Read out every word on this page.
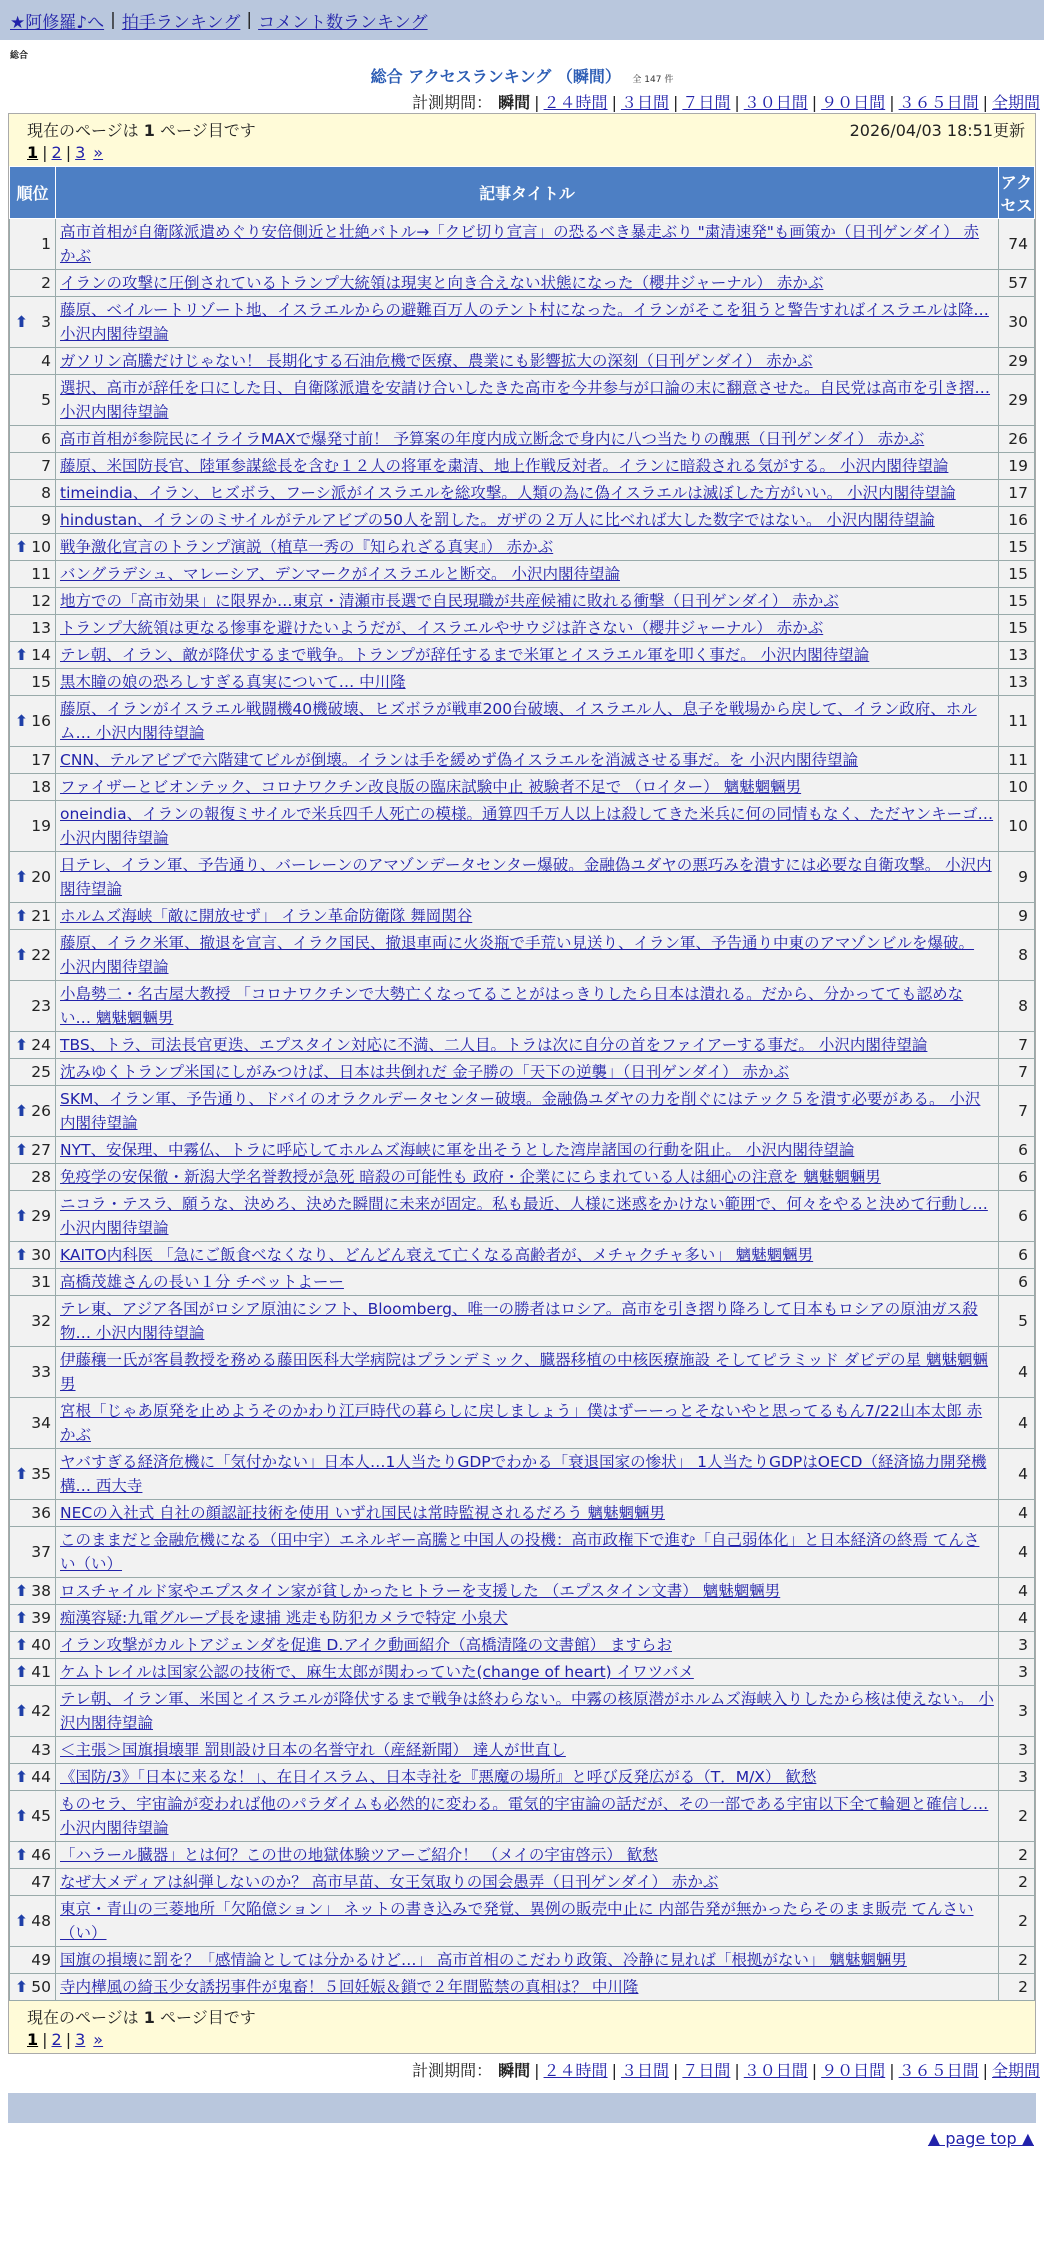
★阿修羅♪へ | 拍手ランキング | コメント数ランキング
総合
総合 アクセスランキング （瞬間） 全 147 件
計測期間： 瞬間 | ２４時間 | ３日間 | ７日間 | ３０日間 | ９０日間 | ３６５日間 | 全期間
現在のページは 1 ページ目です	2026/04/03 18:51更新
1 | 2 | 3 »
順位	記事タイトル	アクセス
1	高市首相が自衛隊派遣めぐり安倍側近と壮絶バトル→「クビ切り宣言」の恐るべき暴走ぶり "粛清速発"も画策か（日刊ゲンダイ） 赤かぶ	74
2	イランの攻撃に圧倒されているトランプ大統領は現実と向き合えない状態になった（櫻井ジャーナル） 赤かぶ	57

⬆ 3	藤原、ベイルートリゾート地、イスラエルからの避難百万人のテント村になった。イランがそこを狙うと警告すればイスラエルは降… 小沢内閣待望論	30
4	ガソリン高騰だけじゃない！ 長期化する石油危機で医療、農業にも影響拡大の深刻（日刊ゲンダイ） 赤かぶ	29
5	選択、高市が辞任を口にした日、自衛隊派遣を安請け合いしたきた高市を今井参与が口論の末に翻意させた。自民党は高市を引き摺… 小沢内閣待望論	29
6	高市首相が参院民にイライラMAXで爆発寸前！ 予算案の年度内成立断念で身内に八つ当たりの醜悪（日刊ゲンダイ） 赤かぶ	26
7	藤原、米国防長官、陸軍参謀総長を含む１２人の将軍を粛清、地上作戦反対者。イランに暗殺される気がする。 小沢内閣待望論	19
8	timeindia、イラン、ヒズボラ、フーシ派がイスラエルを総攻撃。人類の為に偽イスラエルは滅ぼした方がいい。 小沢内閣待望論	17
9	hindustan、イランのミサイルがテルアビブの50人を罰した。ガザの２万人に比べれば大した数字ではない。 小沢内閣待望論	16

⬆ 10	戦争激化宣言のトランプ演説（植草一秀の『知られざる真実』） 赤かぶ	15
11	バングラデシュ、マレーシア、デンマークがイスラエルと断交。 小沢内閣待望論	15
12	地方での「高市効果」に限界か…東京・清瀬市長選で自民現職が共産候補に敗れる衝撃（日刊ゲンダイ） 赤かぶ	15
13	トランプ大統領は更なる惨事を避けたいようだが、イスラエルやサウジは許さない（櫻井ジャーナル） 赤かぶ	15

⬆ 14	テレ朝、イラン、敵が降伏するまで戦争。トランプが辞任するまで米軍とイスラエル軍を叩く事だ。 小沢内閣待望論	13
15	黒木瞳の娘の恐ろしすぎる真実について… 中川隆	13

⬆ 16	藤原、イランがイスラエル戦闘機40機破壊、ヒズボラが戦車200台破壊、イスラエル人、息子を戦場から戻して、イラン政府、ホルム… 小沢内閣待望論	11
17	CNN、テルアビブで六階建てビルが倒壊。イランは手を緩めず偽イスラエルを消滅させる事だ。を 小沢内閣待望論	11
18	ファイザーとビオンテック、コロナワクチン改良版の臨床試験中止 被験者不足で （ロイター） 魑魅魍魎男	10
19	oneindia、イランの報復ミサイルで米兵四千人死亡の模様。通算四千万人以上は殺してきた米兵に何の同情もなく、ただヤンキーゴ… 小沢内閣待望論	10

⬆ 20	日テレ、イラン軍、予告通り、バーレーンのアマゾンデータセンター爆破。金融偽ユダヤの悪巧みを潰すには必要な自衛攻撃。 小沢内閣待望論	9

⬆ 21	ホルムズ海峡「敵に開放せず」 イラン革命防衛隊 舞岡関谷	9

⬆ 22	藤原、イラク米軍、撤退を宣言、イラク国民、撤退車両に火炎瓶で手荒い見送り、イラン軍、予告通り中東のアマゾンビルを爆破。 小沢内閣待望論	8
23	小島勢二・名古屋大教授 「コロナワクチンで大勢亡くなってることがはっきりしたら日本は潰れる。だから、分かってても認めない… 魑魅魍魎男	8

⬆ 24	TBS、トラ、司法長官更迭、エプスタイン対応に不満、二人目。トラは次に自分の首をファイアーする事だ。 小沢内閣待望論	7
25	沈みゆくトランプ米国にしがみつけば、日本は共倒れだ 金子勝の「天下の逆襲」（日刊ゲンダイ） 赤かぶ	7

⬆ 26	SKM、イラン軍、予告通り、ドバイのオラクルデータセンター破壊。金融偽ユダヤの力を削ぐにはテック５を潰す必要がある。 小沢内閣待望論	7

⬆ 27	NYT、安保理、中霧仏、トラに呼応してホルムズ海峡に軍を出そうとした湾岸諸国の行動を阻止。 小沢内閣待望論	6
28	免疫学の安保徹・新潟大学名誉教授が急死 暗殺の可能性も 政府・企業ににらまれている人は細心の注意を 魑魅魍魎男	6

⬆ 29	ニコラ・テスラ、願うな、決めろ、決めた瞬間に未来が固定。私も最近、人様に迷惑をかけない範囲で、何々をやると決めて行動し… 小沢内閣待望論	6

⬆ 30	KAITO内科医 「急にご飯食べなくなり、どんどん衰えて亡くなる高齢者が、メチャクチャ多い」 魑魅魍魎男	6
31	高橋茂雄さんの長い１分 チベットよーー	6
32	テレ東、アジア各国がロシア原油にシフト、Bloomberg、唯一の勝者はロシア。高市を引き摺り降ろして日本もロシアの原油ガス殺物… 小沢内閣待望論	5
33	伊藤穰一氏が客員教授を務める藤田医科大学病院はプランデミック、臓器移植の中核医療施設 そしてピラミッド ダビデの星 魑魅魍魎男	4
34	宮根「じゃあ原発を止めようそのかわり江戸時代の暮らしに戻しましょう」僕はずーーっとそないやと思ってるもん7/22山本太郎 赤かぶ	4

⬆ 35	ヤバすぎる経済危機に「気付かない」日本人…1人当たりGDPでわかる「衰退国家の惨状」 1人当たりGDPはOECD（経済協力開発機構… 西大寺	4
36	NECの入社式 自社の顔認証技術を使用 いずれ国民は常時監視されるだろう 魑魅魍魎男	4
37	このままだと金融危機になる（田中宇）エネルギー高騰と中国人の投機：高市政権下で進む「自己弱体化」と日本経済の終焉 てんさい（い）	4

⬆ 38	ロスチャイルド家やエプスタイン家が貧しかったヒトラーを支援した （エプスタイン文書） 魑魅魍魎男	4

⬆ 39	痴漢容疑:九電グループ長を逮捕 逃走も防犯カメラで特定 小泉犬	4

⬆ 40	イラン攻撃がカルトアジェンダを促進 D.アイク動画紹介（高橋清隆の文書館） ますらお	3

⬆ 41	ケムトレイルは国家公認の技術で、麻生太郎が関わっていた(change of heart) イワツバメ	3

⬆ 42	テレ朝、イラン軍、米国とイスラエルが降伏するまで戦争は終わらない。中霧の核原潜がホルムズ海峡入りしたから核は使えない。 小沢内閣待望論	3
43	＜主張＞国旗損壊罪 罰則設け日本の名誉守れ（産経新聞） 達人が世直し	3

⬆ 44	《国防/3》「日本に来るな！」、在日イスラム、日本寺社を『悪魔の場所』と呼び反発広がる（T．M/X） 歓愁	3

⬆ 45	ものセラ、宇宙論が変われば他のパラダイムも必然的に変わる。電気的宇宙論の話だが、その一部である宇宙以下全て輪廻と確信し… 小沢内閣待望論	2

⬆ 46	「ハラール臓器」とは何？この世の地獄体験ツアーご紹介！ （メイの宇宙啓示） 歓愁	2
47	なぜ大メディアは糾弾しないのか？ 高市早苗、女王気取りの国会愚弄（日刊ゲンダイ） 赤かぶ	2

⬆ 48	東京・青山の三菱地所「欠陥億ション」 ネットの書き込みで発覚、異例の販売中止に 内部告発が無かったらそのまま販売 てんさい（い）	2
49	国旗の損壊に罰を？「感情論としては分かるけど…」 高市首相のこだわり政策、冷静に見れば「根拠がない」 魑魅魍魎男	2

⬆ 50	寺内樺風の綺玉少女誘拐事件が鬼畜！５回妊娠＆鎖で２年間監禁の真相は？ 中川隆	2
現在のページは 1 ページ目です
1 | 2 | 3 »
計測期間： 瞬間 | ２４時間 | ３日間 | ７日間 | ３０日間 | ９０日間 | ３６５日間 | 全期間
▲ page top ▲
